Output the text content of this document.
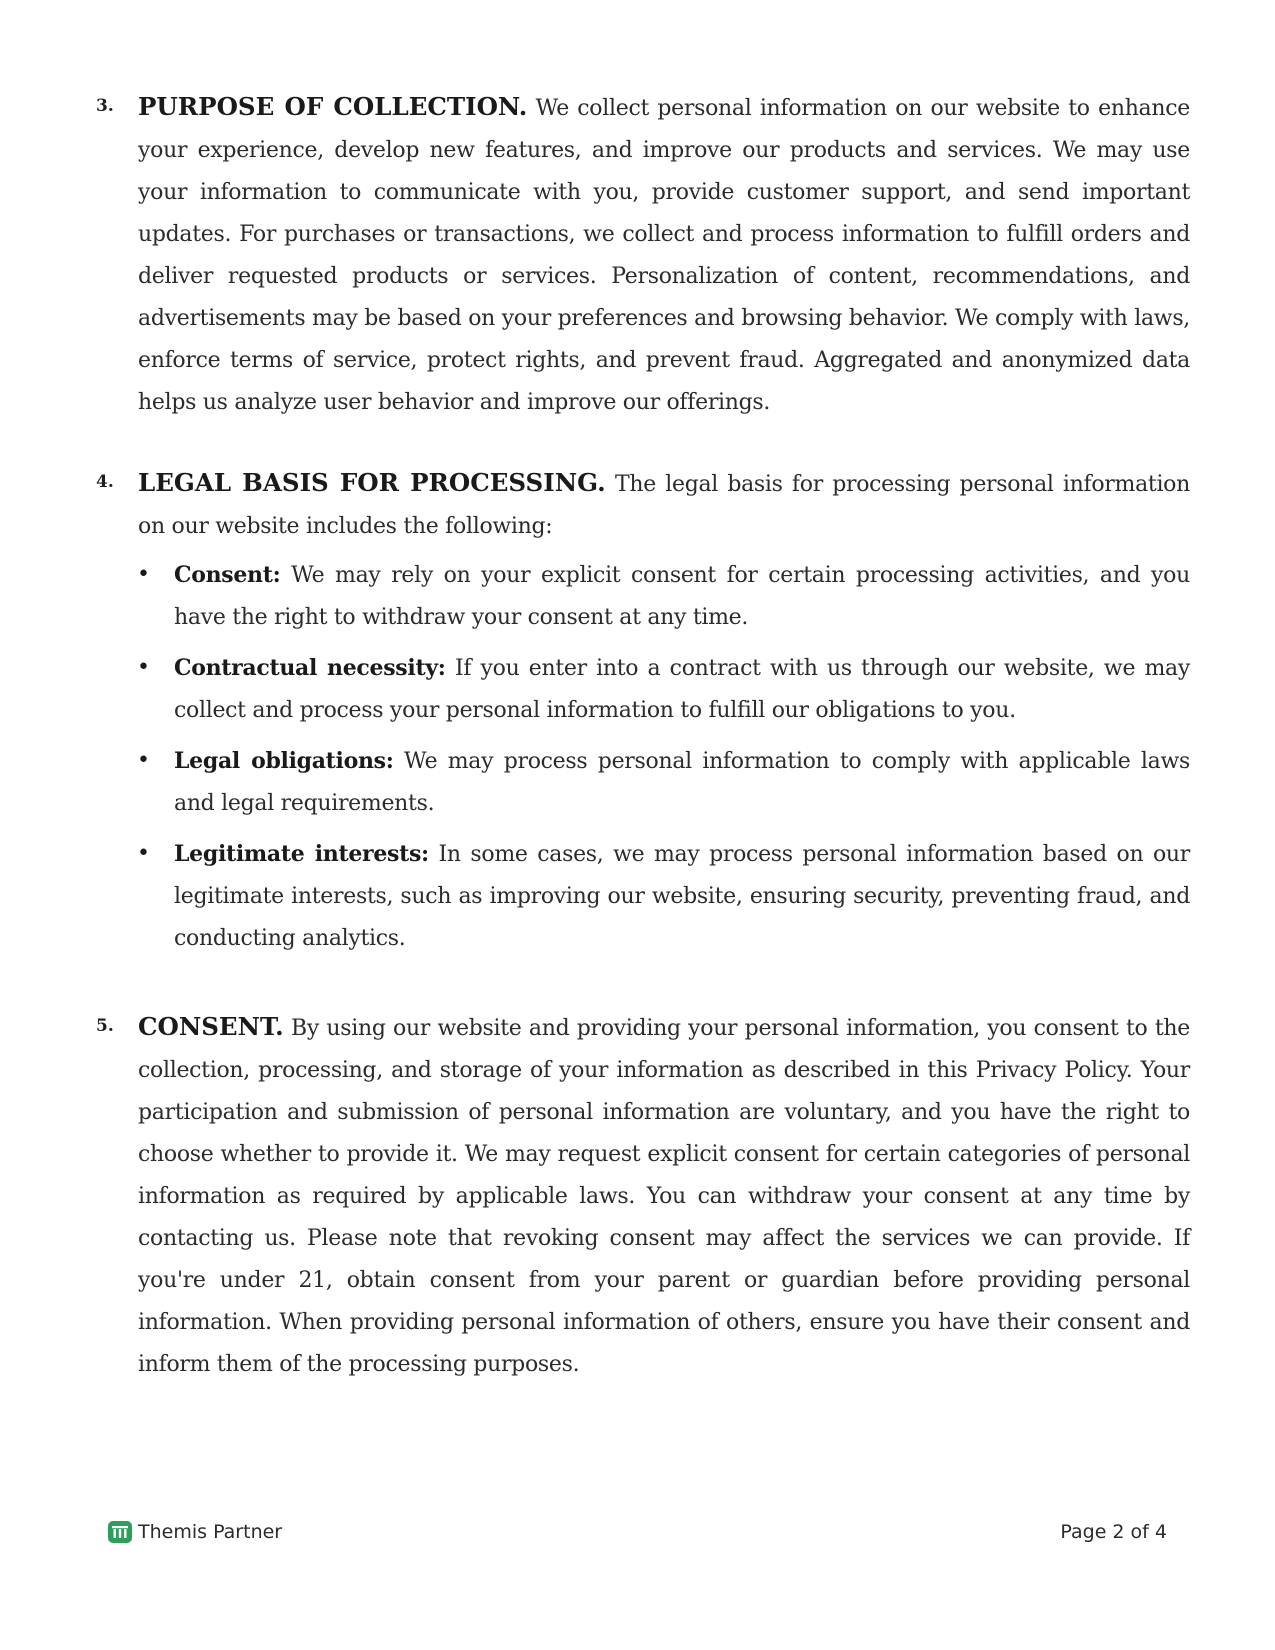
3. PURPOSE OF COLLECTION. We collect personal information on our website to enhance your experience, develop new features, and improve our products and services. We may use your information to communicate with you, provide customer support, and send important updates. For purchases or transactions, we collect and process information to fulfill orders and deliver requested products or services. Personalization of content, recommendations, and advertisements may be based on your preferences and browsing behavior. We comply with laws, enforce terms of service, protect rights, and prevent fraud. Aggregated and anonymized data helps us analyze user behavior and improve our offerings.
4. LEGAL BASIS FOR PROCESSING. The legal basis for processing personal information on our website includes the following:
•	Consent: We may rely on your explicit consent for certain processing activities, and you have the right to withdraw your consent at any time.
•	Contractual necessity: If you enter into a contract with us through our website, we may collect and process your personal information to fulfill our obligations to you.
•	Legal obligations: We may process personal information to comply with applicable laws and legal requirements.
•	Legitimate interests: In some cases, we may process personal information based on our legitimate interests, such as improving our website, ensuring security, preventing fraud, and conducting analytics.
5. CONSENT. By using our website and providing your personal information, you consent to the collection, processing, and storage of your information as described in this Privacy Policy. Your participation and submission of personal information are voluntary, and you have the right to choose whether to provide it. We may request explicit consent for certain categories of personal information as required by applicable laws. You can withdraw your consent at any time by contacting us. Please note that revoking consent may affect the services we can provide. If you're under 21, obtain consent from your parent or guardian before providing personal information. When providing personal information of others, ensure you have their consent and inform them of the processing purposes.
Themis Partner	Page 2 of 4
